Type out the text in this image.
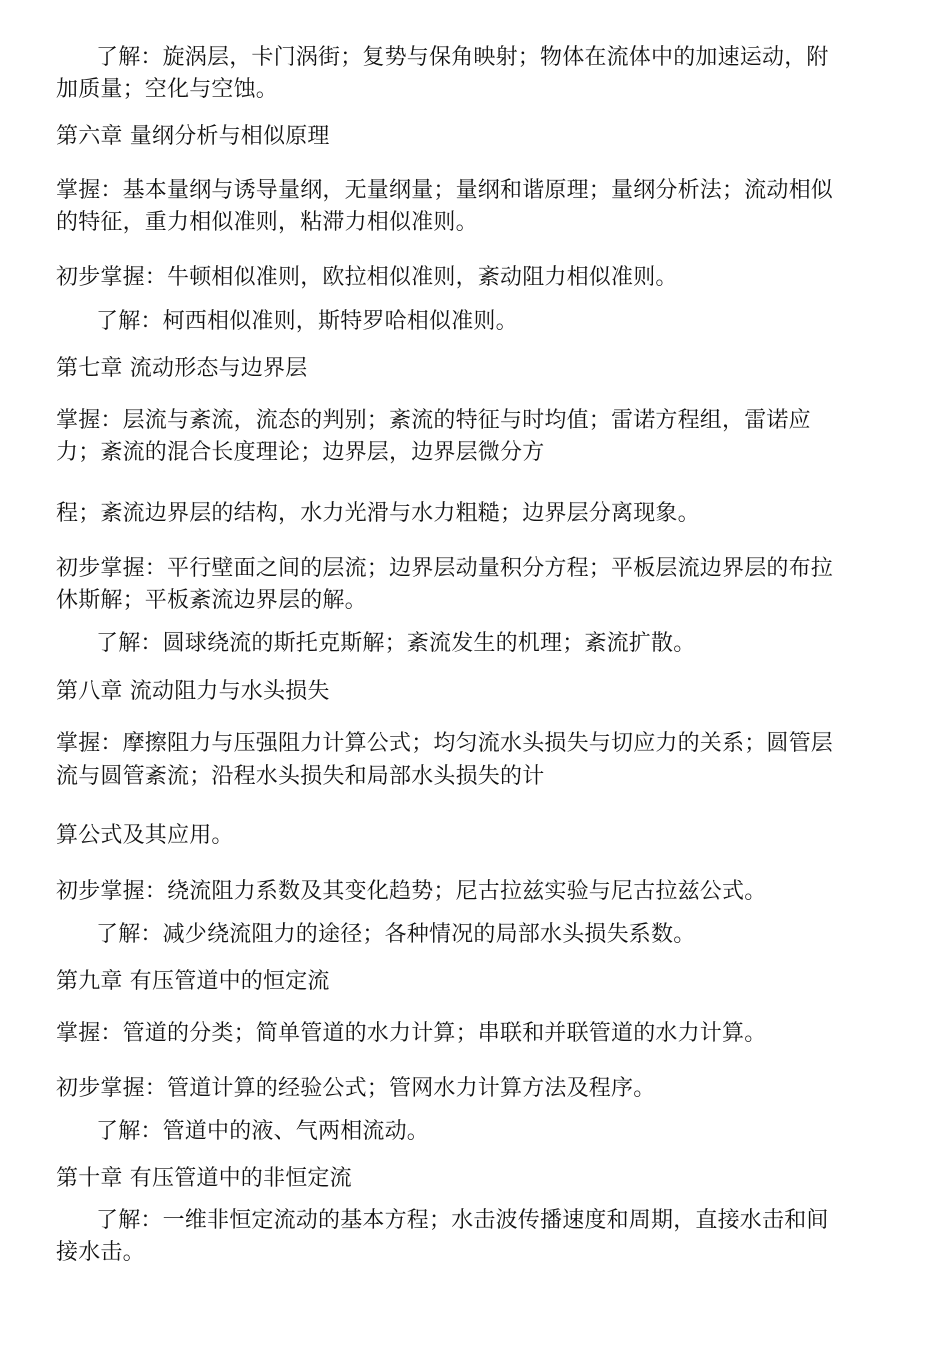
了解：旋涡层，卡门涡街；复势与保角映射；物体在流体中的加速运动，附
加质量；空化与空蚀。
第六章 量纲分析与相似原理
掌握：基本量纲与诱导量纲，无量纲量；量纲和谐原理；量纲分析法；流动相似
的特征，重力相似准则，粘滞力相似准则。
初步掌握：牛顿相似准则，欧拉相似准则，紊动阻力相似准则。
了解：柯西相似准则，斯特罗哈相似准则。
第七章 流动形态与边界层
掌握：层流与紊流，流态的判别；紊流的特征与时均值；雷诺方程组，雷诺应
力；紊流的混合长度理论；边界层，边界层微分方
程；紊流边界层的结构，水力光滑与水力粗糙；边界层分离现象。
初步掌握：平行壁面之间的层流；边界层动量积分方程；平板层流边界层的布拉
休斯解；平板紊流边界层的解。
了解：圆球绕流的斯托克斯解；紊流发生的机理；紊流扩散。
第八章 流动阻力与水头损失
掌握：摩擦阻力与压强阻力计算公式；均匀流水头损失与切应力的关系；圆管层
流与圆管紊流；沿程水头损失和局部水头损失的计
算公式及其应用。
初步掌握：绕流阻力系数及其变化趋势；尼古拉兹实验与尼古拉兹公式。
了解：减少绕流阻力的途径；各种情况的局部水头损失系数。
第九章 有压管道中的恒定流
掌握：管道的分类；简单管道的水力计算；串联和并联管道的水力计算。
初步掌握：管道计算的经验公式；管网水力计算方法及程序。
了解：管道中的液、气两相流动。
第十章 有压管道中的非恒定流
了解：一维非恒定流动的基本方程；水击波传播速度和周期，直接水击和间
接水击。
